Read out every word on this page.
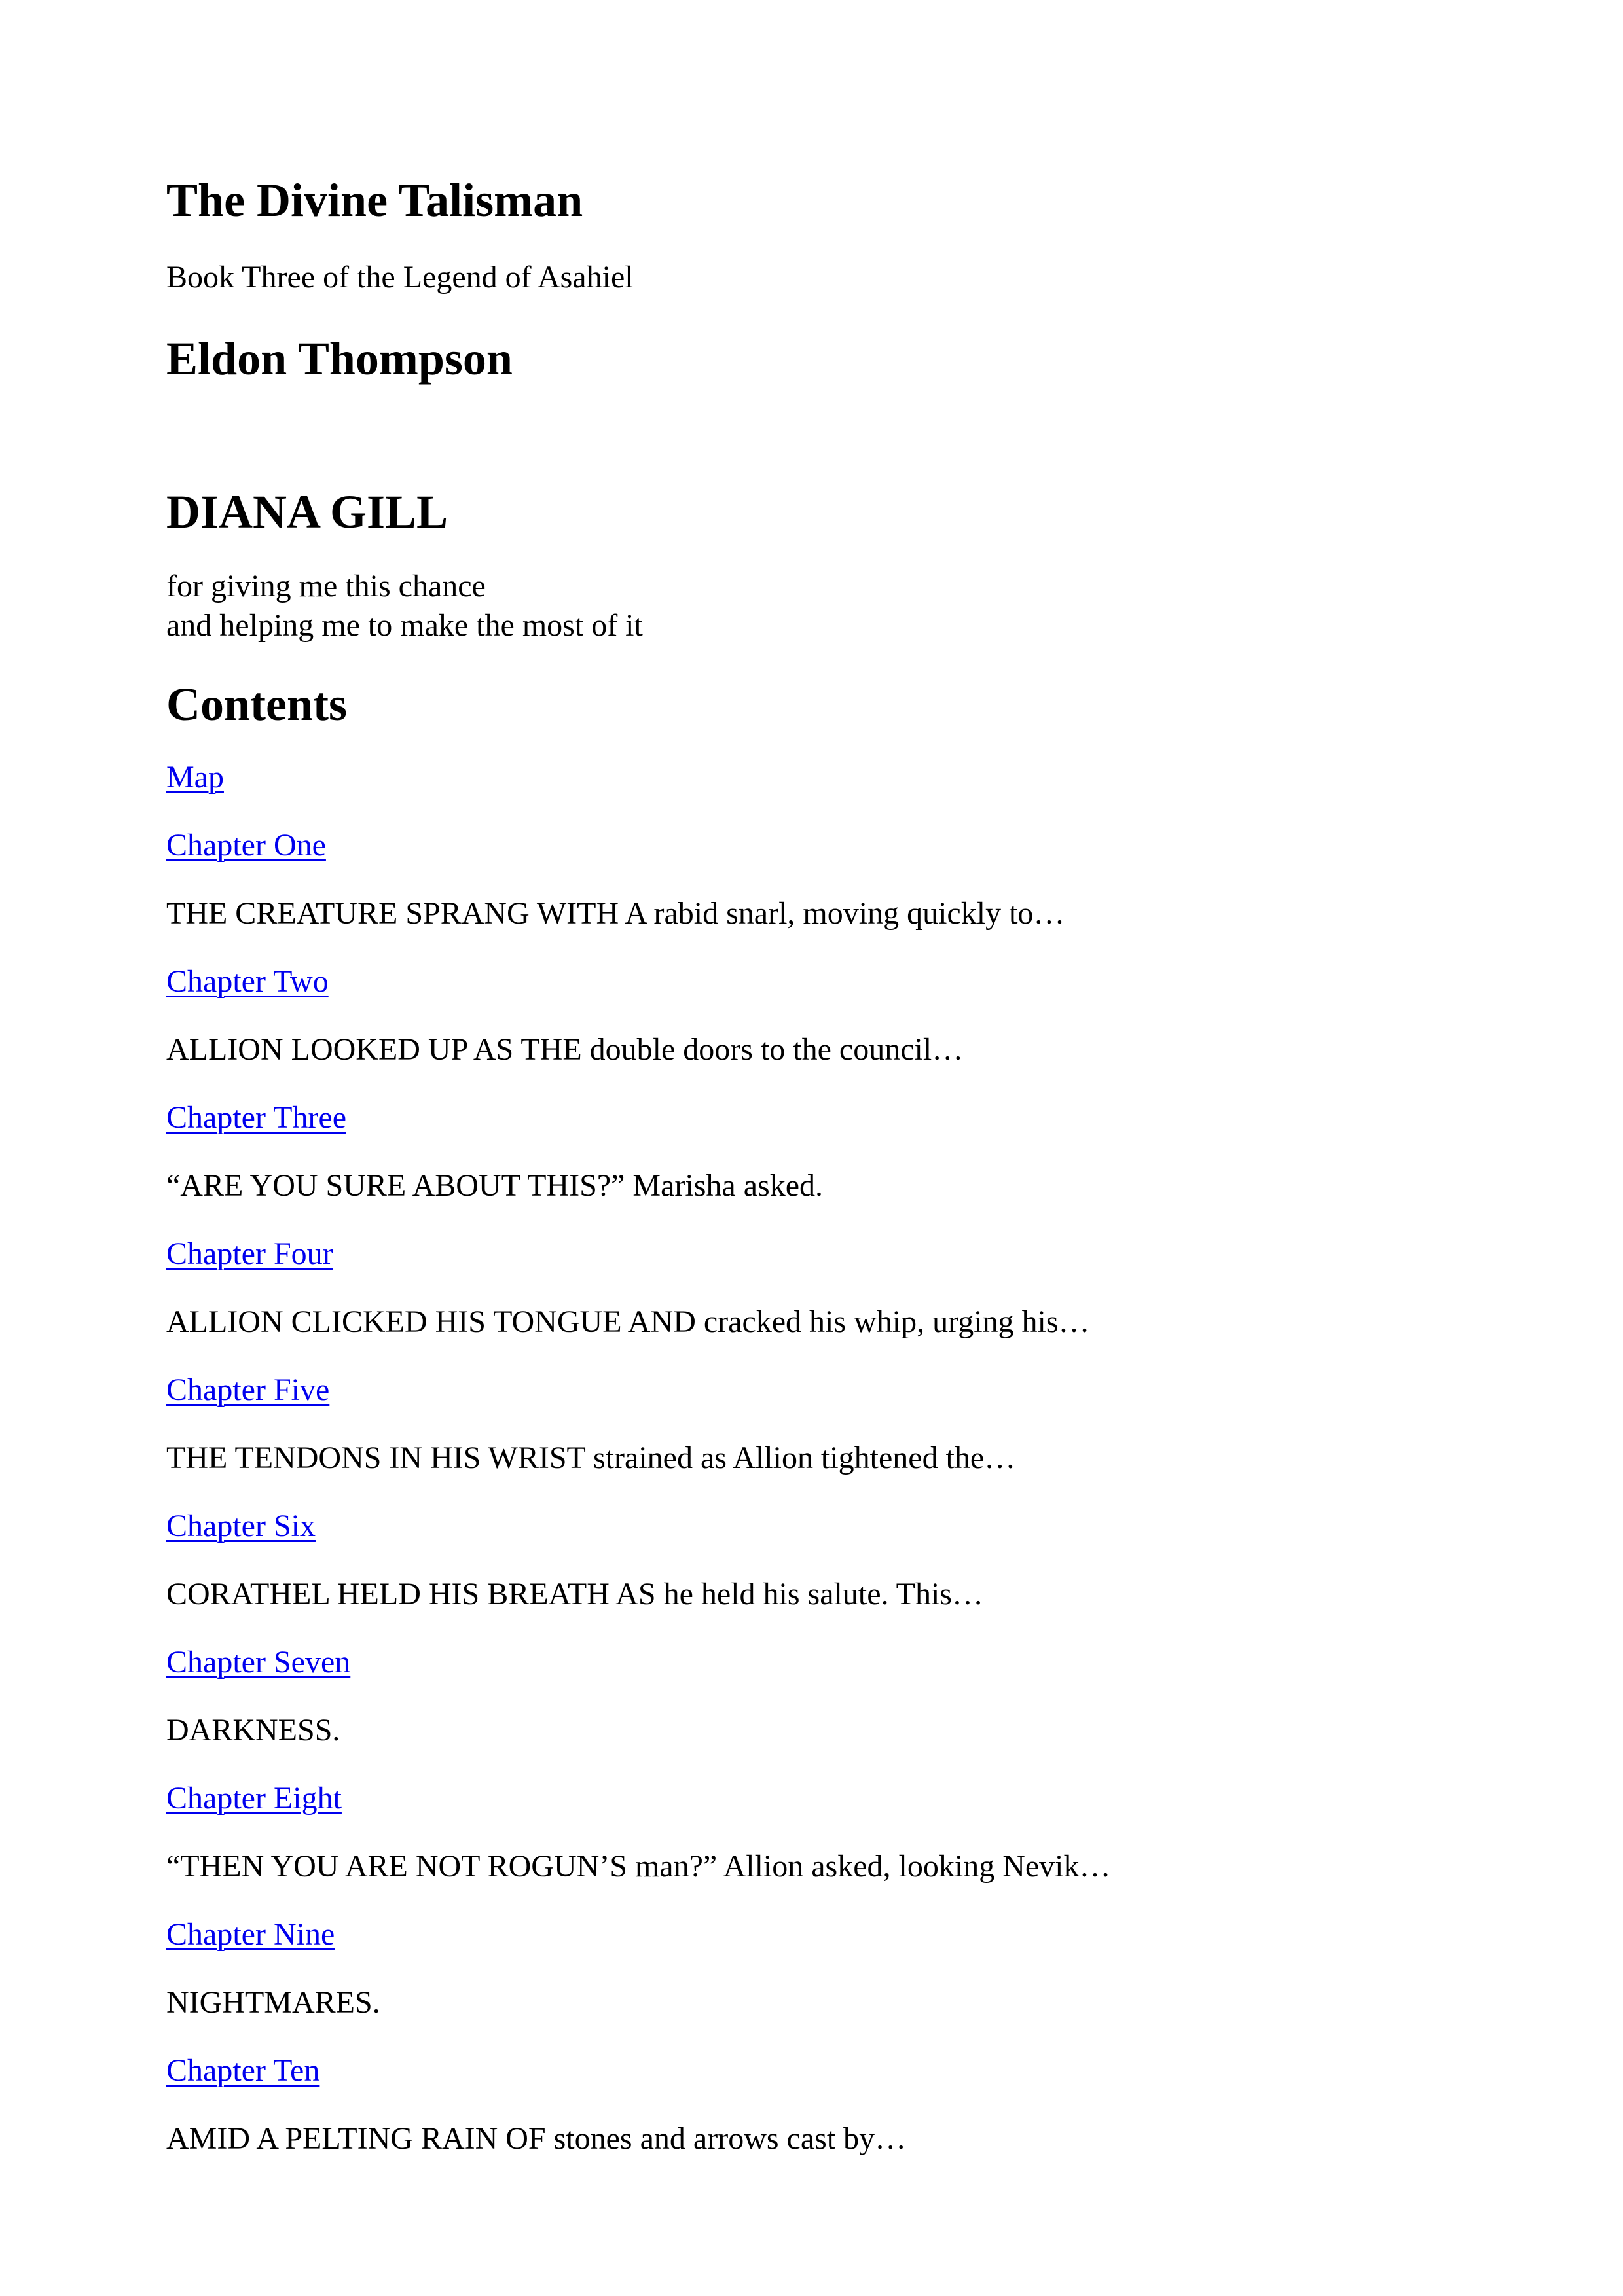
The Divine Talisman

Book Three of the Legend of Asahiel

Eldon Thompson
DIANA GILL

for giving me this chance

and helping me to make the most of it

Contents

Map

Chapter One

THE CREATURE SPRANG WITH A rabid snarl, moving quickly to…

Chapter Two

ALLION LOOKED UP AS THE double doors to the council…

Chapter Three

“ARE YOU SURE ABOUT THIS?” Marisha asked.

Chapter Four

ALLION CLICKED HIS TONGUE AND cracked his whip, urging his…

Chapter Five

THE TENDONS IN HIS WRIST strained as Allion tightened the…

Chapter Six

CORATHEL HELD HIS BREATH AS he held his salute. This…

Chapter Seven

DARKNESS.

Chapter Eight

“THEN YOU ARE NOT ROGUN’S man?” Allion asked, looking Nevik…

Chapter Nine

NIGHTMARES.

Chapter Ten

AMID A PELTING RAIN OF stones and arrows cast by…
